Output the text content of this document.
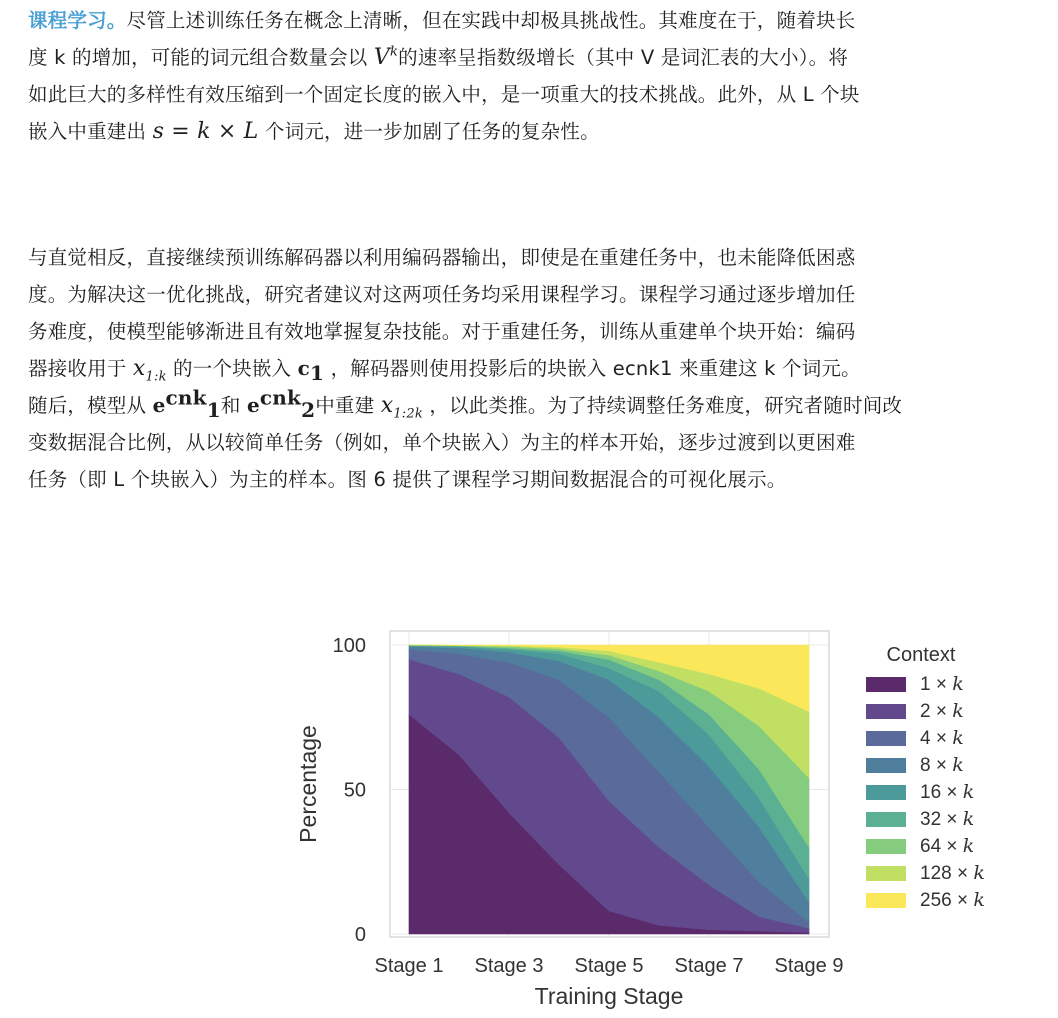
课程学习。尽管上述训练任务在概念上清晰，但在实践中却极具挑战性。其难度在于，随着块长

度 k 的增加，可能的词元组合数量会以 $V^k$的速率呈指数级增长（其中 V 是词汇表的大小）。将

如此巨大的多样性有效压缩到一个固定长度的嵌入中，是一项重大的技术挑战。此外，从 L 个块

嵌入中重建出 s = k × L 个词元，进一步加剧了任务的复杂性。

与直觉相反，直接继续预训练解码器以利用编码器输出，即使是在重建任务中，也未能降低困惑

度。为解决这一优化挑战，研究者建议对这两项任务均采用课程学习。课程学习通过逐步增加任

务难度，使模型能够渐进且有效地掌握复杂技能。对于重建任务，训练从重建单个块开始：编码

器接收用于 $x_{1:k}$ 的一个块嵌入 $c_1$ ，解码器则使用投影后的块嵌入 ecnk1 来重建这 k 个词元。

随后，模型从 $e^{cnk}_1$和 $e^{cnk}_2$中重建 $x_{1:2k}$ ，以此类推。为了持续调整任务难度，研究者随时间改

变数据混合比例，从以较简单任务（例如，单个块嵌入）为主的样本开始，逐步过渡到以更困难

任务（即 L 个块嵌入）为主的样本。图 6 提供了课程学习期间数据混合的可视化展示。

0
50
100
Stage 1 Stage 3 Stage 5 Stage 7 Stage 9
Training Stage
Percentage
Context
1 × k
2 × k
4 × k
8 × k
16 × k
32 × k
64 × k
128 × k
256 × k
